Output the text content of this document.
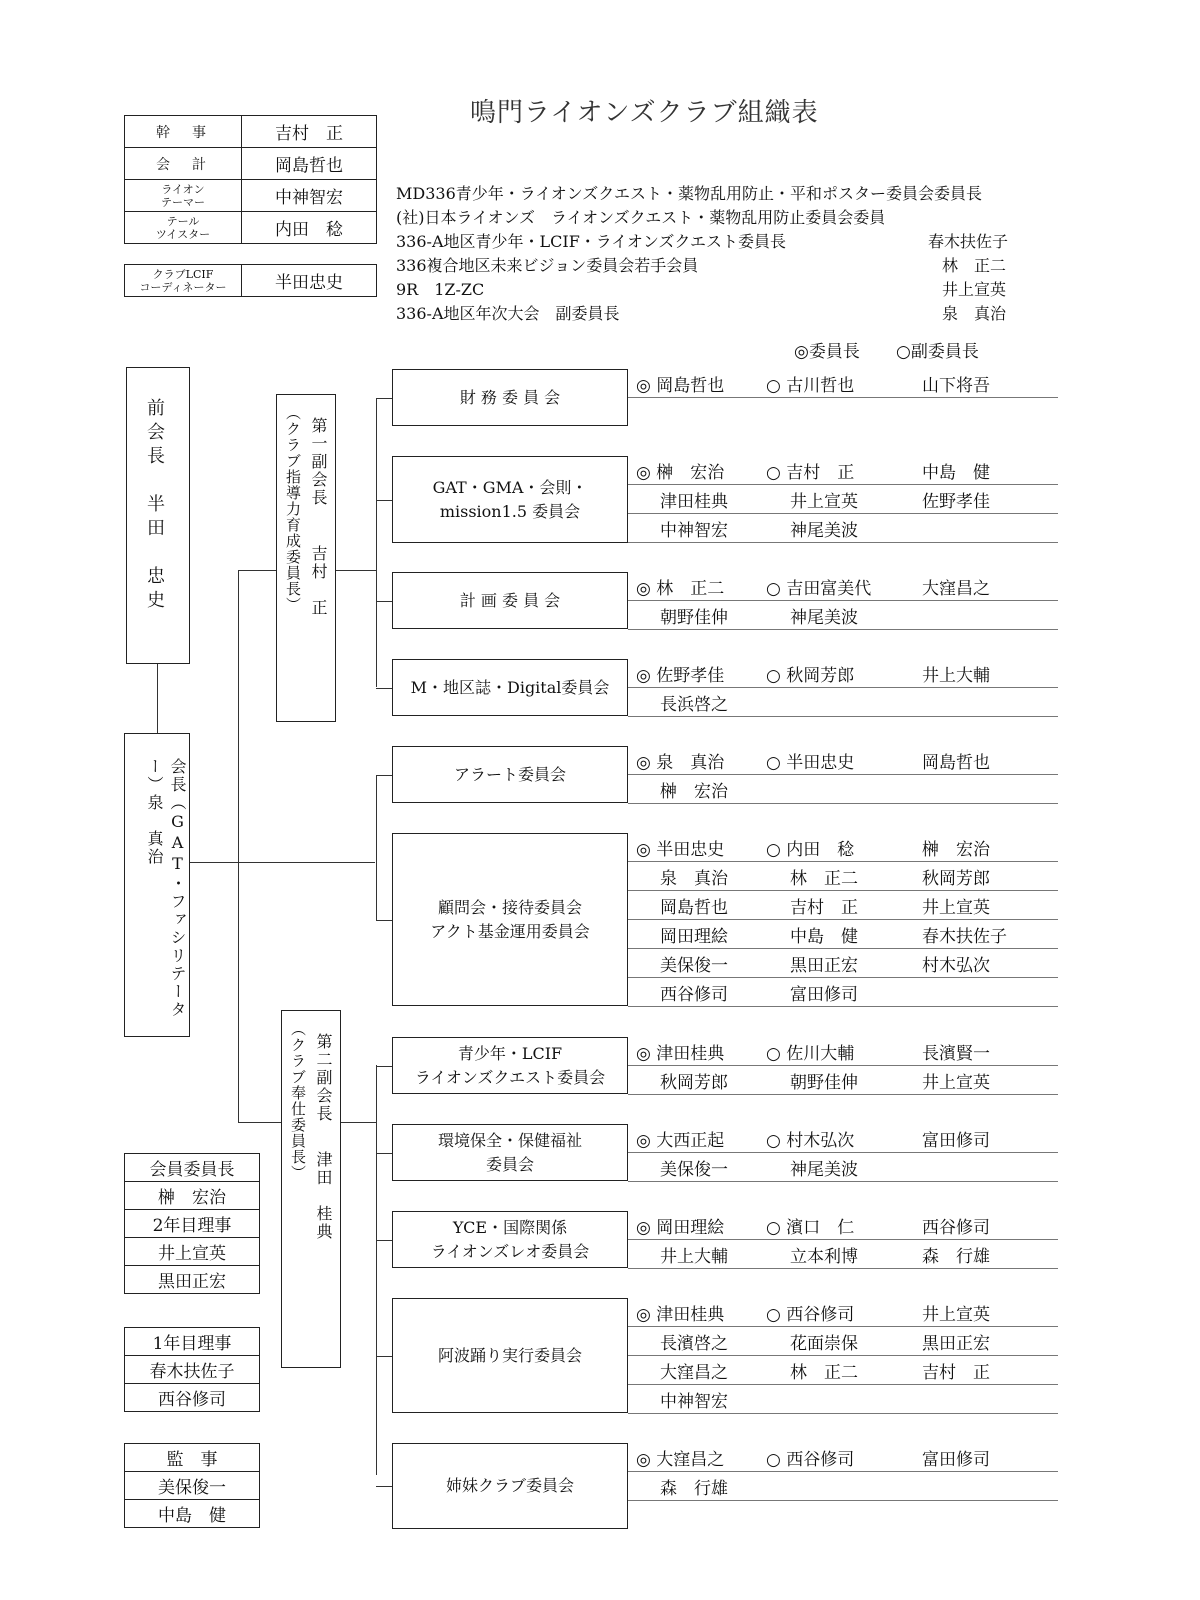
鳴門ライオンズクラブ組織表
幹　事	吉村　正
会　計	岡島哲也
ライオン
テーマー	中神智宏
テール
ツイスター	内田　稔
クラブLCIF
コーディネーター	半田忠史
MD336青少年・ライオンズクエスト・薬物乱用防止・平和ポスター委員会委員長
(社)日本ライオンズ　ライオンズクエスト・薬物乱用防止委員会委員
336-A地区青少年・LCIF・ライオンズクエスト委員長	春木扶佐子
336複合地区未来ビジョン委員会若手会員	林　正二
9R　1Z-ZC	井上宣英
336-A地区年次大会　副委員長	泉　真治
◎委員長 ○副委員長
前会長　半田　忠史
会長（GAT・ファシリテーター）泉　真治
第一副会長
（クラブ指導力育成委員長） 吉村　正
第二副会長
（クラブ奉仕委員長）
津田　桂典
財 務 委 員 会
◎ 岡島哲也 ○ 古川哲也	山下将吾
GAT・GMA・会則・
mission1.5 委員会
◎ 榊　宏治 ○ 吉村　正	中島　健
津田桂典	井上宣英	佐野孝佳
中神智宏	神尾美波
計 画 委 員 会
◎ 林　正二 ○ 吉田富美代	大窪昌之
朝野佳伸	神尾美波
M・地区誌・Digital委員会
◎ 佐野孝佳 ○ 秋岡芳郎	井上大輔
長浜啓之
アラート委員会
◎ 泉　真治 ○ 半田忠史	岡島哲也
榊　宏治
顧問会・接待委員会
アクト基金運用委員会
◎ 半田忠史 ○ 内田　稔	榊　宏治
泉　真治	林　正二	秋岡芳郎
岡島哲也	吉村　正	井上宣英
岡田理絵	中島　健	春木扶佐子
美保俊一	黒田正宏	村木弘次
西谷修司	富田修司
青少年・LCIF
ライオンズクエスト委員会
◎ 津田桂典 ○ 佐川大輔	長濱賢一
秋岡芳郎	朝野佳伸	井上宣英
環境保全・保健福祉
委員会
◎ 大西正起 ○ 村木弘次	富田修司
美保俊一	神尾美波
YCE・国際関係
ライオンズレオ委員会
◎ 岡田理絵 ○ 濱口　仁	西谷修司
井上大輔	立本利博	森　行雄
阿波踊り実行委員会
◎ 津田桂典 ○ 西谷修司	井上宣英
長濱啓之	花面崇保	黒田正宏
大窪昌之	林　正二	吉村　正
中神智宏
姉妹クラブ委員会
◎ 大窪昌之 ○ 西谷修司	富田修司
森　行雄
会員委員長
榊　宏治
2年目理事
井上宣英
黒田正宏
1年目理事
春木扶佐子
西谷修司
監　事
美保俊一
中島　健
